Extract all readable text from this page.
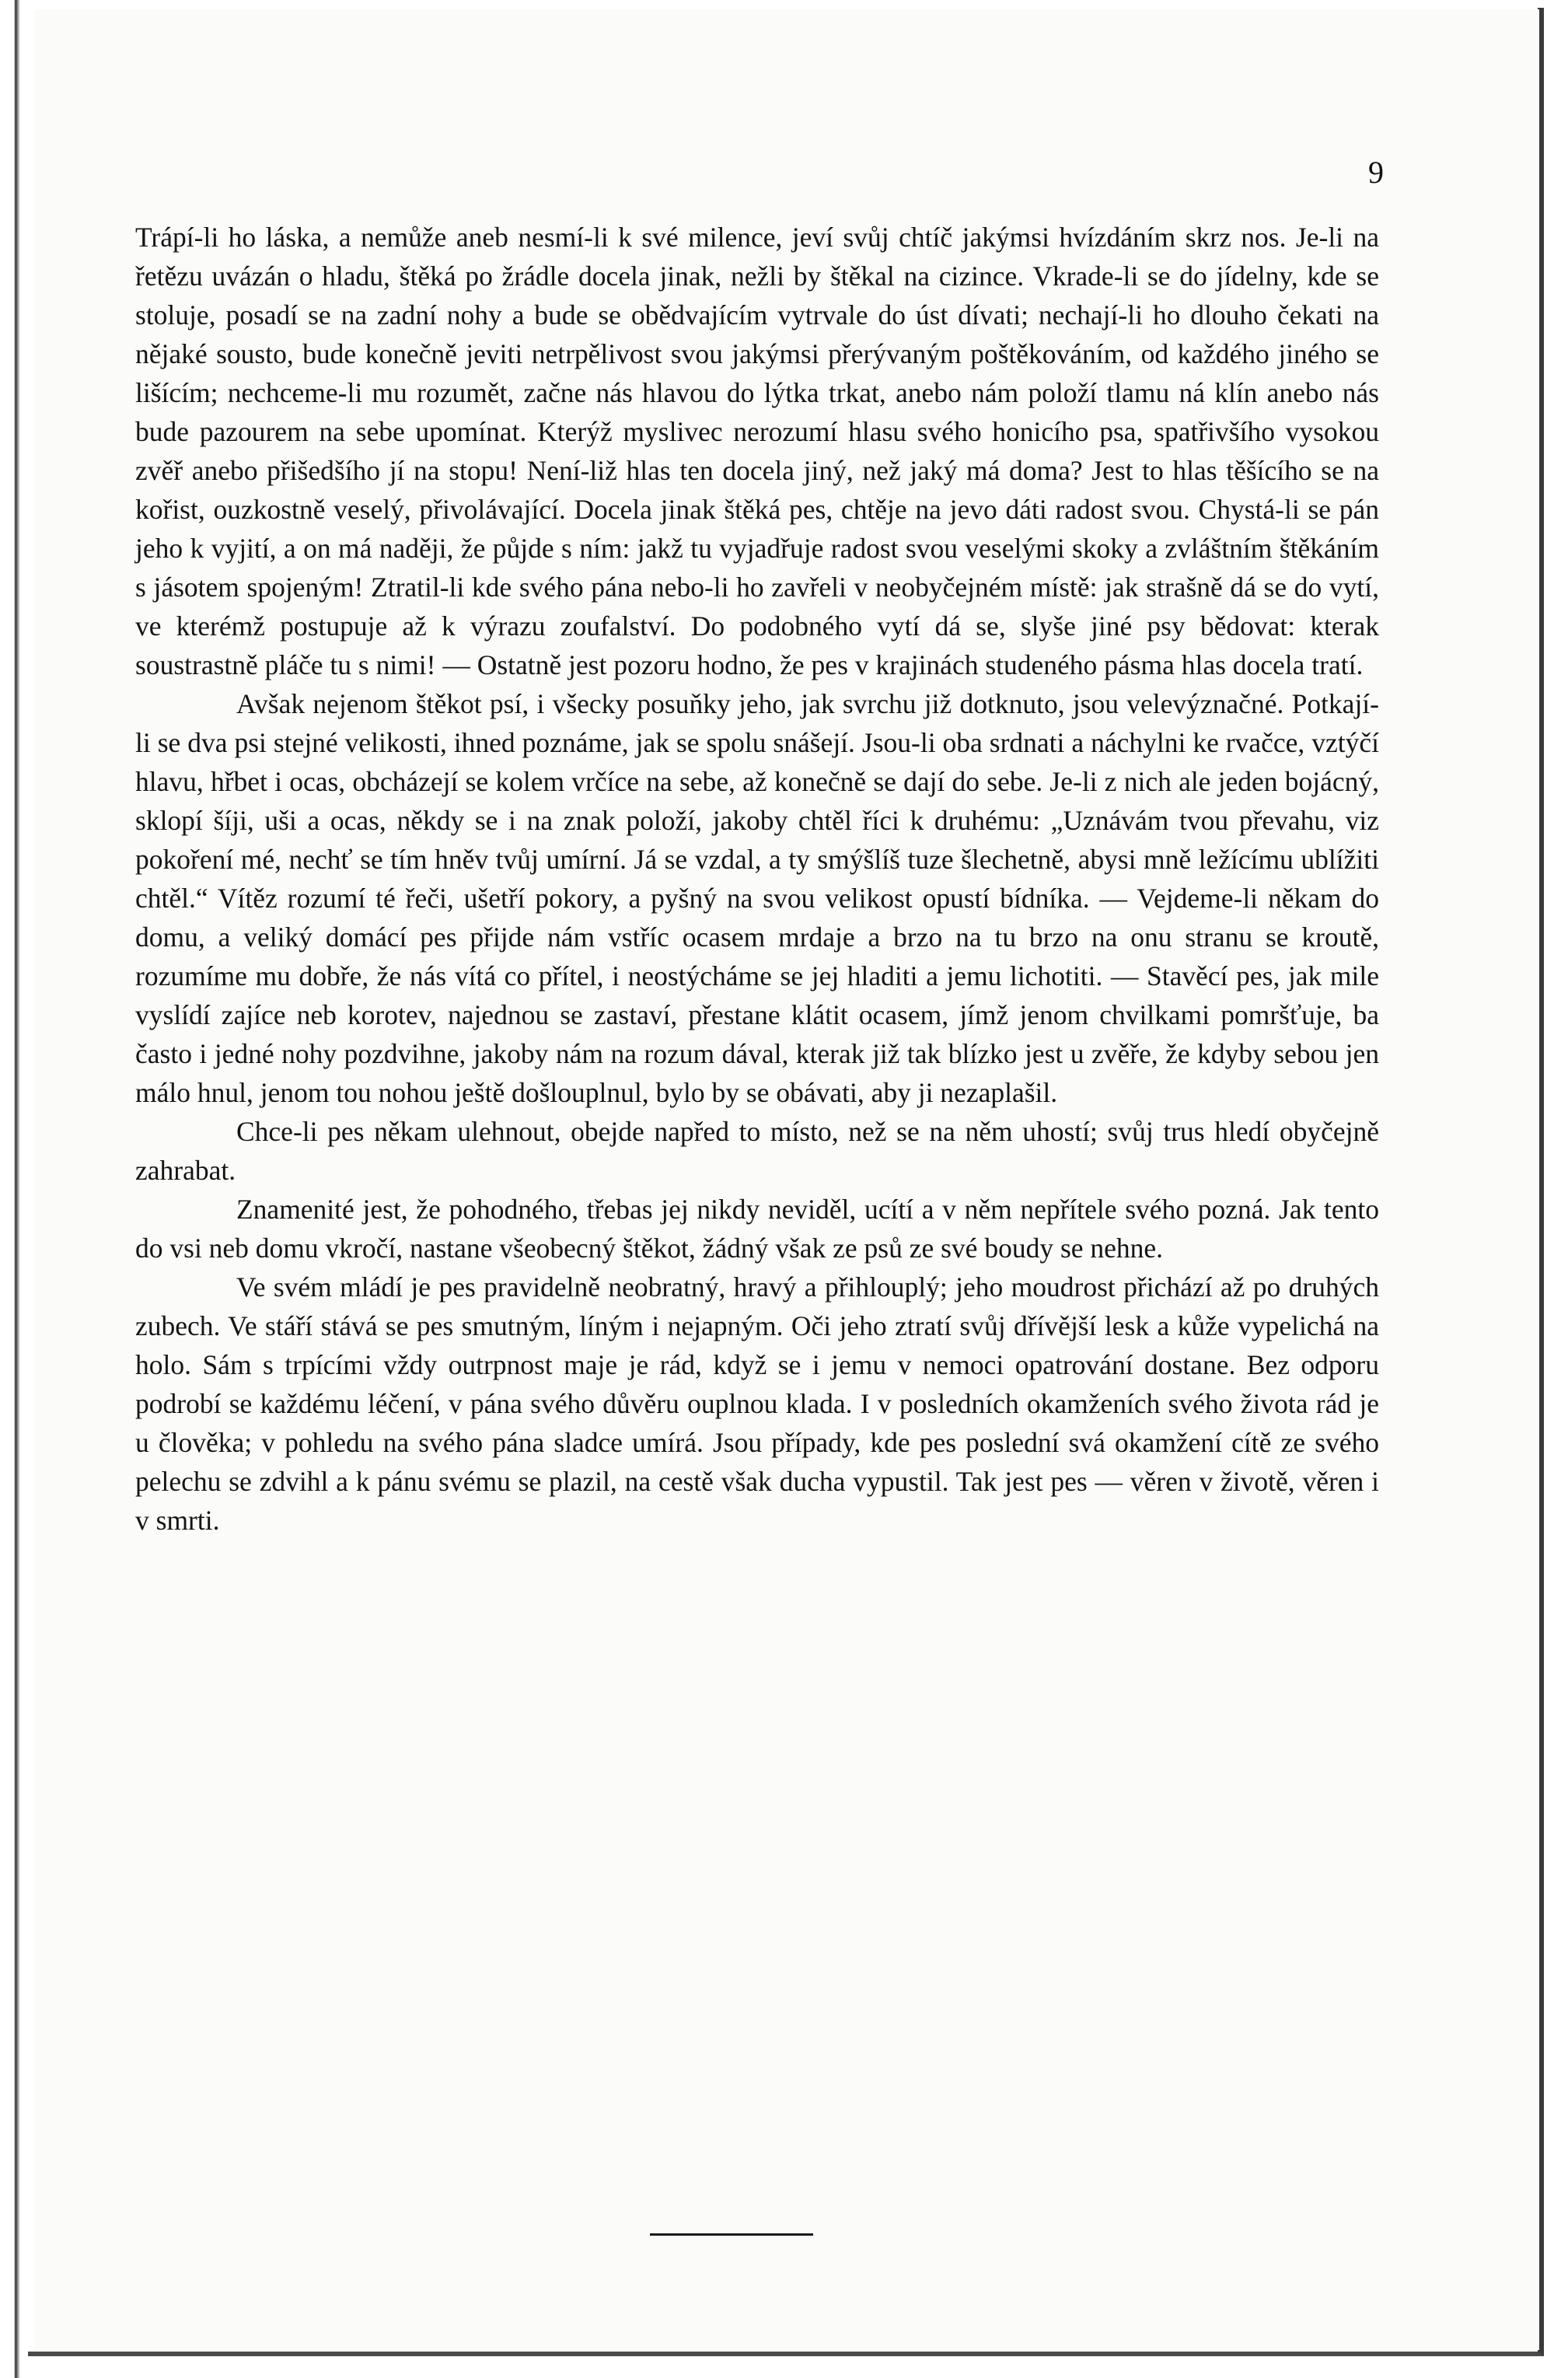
9

Trápí-li ho láska, a nemůže aneb nesmí-li k své milence, jeví svůj chtíč jakýmsi hvízdáním skrz nos. Je-li na řetězu uvázán o hladu, štěká po žrádle docela jinak, nežli by štěkal na cizince. Vkrade-li se do jídelny, kde se stoluje, posadí se na zadní nohy a bude se obědvajícím vytrvale do úst dívati; nechají-li ho dlouho čekati na nějaké sousto, bude konečně jeviti netrpělivost svou jakýmsi přerývaným poštěkováním, od každého jiného se lišícím; nechceme-li mu rozumět, začne nás hlavou do lýtka trkat, anebo nám položí tlamu ná klín anebo nás bude pazourem na sebe upomínat. Kterýž myslivec nerozumí hlasu svého honicího psa, spatřivšího vysokou zvěř anebo přišedšího jí na stopu! Není-liž hlas ten docela jiný, než jaký má doma? Jest to hlas těšícího se na kořist, ouzkostně veselý, přivolávající. Docela jinak štěká pes, chtěje na jevo dáti radost svou. Chystá-li se pán jeho k vyjití, a on má naději, že půjde s ním: jakž tu vyjadřuje radost svou veselými skoky a zvláštním štěkáním s jásotem spojeným! Ztratil-li kde svého pána nebo-li ho zavřeli v neobyčejném místě: jak strašně dá se do vytí, ve kterémž postupuje až k výrazu zoufalství. Do podobného vytí dá se, slyše jiné psy bědovat: kterak soustrastně pláče tu s nimi! — Ostatně jest pozoru hodno, že pes v krajinách studeného pásma hlas docela tratí.

Avšak nejenom štěkot psí, i všecky posuňky jeho, jak svrchu již dotknuto, jsou velevýznačné. Potkají-li se dva psi stejné velikosti, ihned poznáme, jak se spolu snášejí. Jsou-li oba srdnati a náchylni ke rvačce, vztýčí hlavu, hřbet i ocas, obcházejí se kolem vrčíce na sebe, až konečně se dají do sebe. Je-li z nich ale jeden bojácný, sklopí šíji, uši a ocas, někdy se i na znak položí, jakoby chtěl říci k druhému: „Uznávám tvou převahu, viz pokoření mé, nechť se tím hněv tvůj umírní. Já se vzdal, a ty smýšlíš tuze šlechetně, abysi mně ležícímu ublížiti chtěl.“ Vítěz rozumí té řeči, ušetří pokory, a pyšný na svou velikost opustí bídníka. — Vejdeme-li někam do domu, a veliký domácí pes přijde nám vstříc ocasem mrdaje a brzo na tu brzo na onu stranu se kroutě, rozumíme mu dobře, že nás vítá co přítel, i neostýcháme se jej hladiti a jemu lichotiti. — Stavěcí pes, jak mile vyslídí zajíce neb korotev, najednou se zastaví, přestane klátit ocasem, jímž jenom chvilkami pomršťuje, ba často i jedné nohy pozdvihne, jakoby nám na rozum dával, kterak již tak blízko jest u zvěře, že kdyby sebou jen málo hnul, jenom tou nohou ještě došlouplnul, bylo by se obávati, aby ji nezaplašil.

Chce-li pes někam ulehnout, obejde napřed to místo, než se na něm uhostí; svůj trus hledí obyčejně zahrabat.

Znamenité jest, že pohodného, třebas jej nikdy neviděl, ucítí a v něm nepřítele svého pozná. Jak tento do vsi neb domu vkročí, nastane všeobecný štěkot, žádný však ze psů ze své boudy se nehne.

Ve svém mládí je pes pravidelně neobratný, hravý a přihlouplý; jeho moudrost přichází až po druhých zubech. Ve stáří stává se pes smutným, líným i nejapným. Oči jeho ztratí svůj dřívější lesk a kůže vypelichá na holo. Sám s trpícími vždy outrpnost maje je rád, když se i jemu v nemoci opatrování dostane. Bez odporu podrobí se každému léčení, v pána svého důvěru ouplnou klada. I v posledních okamženích svého života rád je u člověka; v pohledu na svého pána sladce umírá. Jsou případy, kde pes poslední svá okamžení cítě ze svého pelechu se zdvihl a k pánu svému se plazil, na cestě však ducha vypustil. Tak jest pes — věren v životě, věren i v smrti.
